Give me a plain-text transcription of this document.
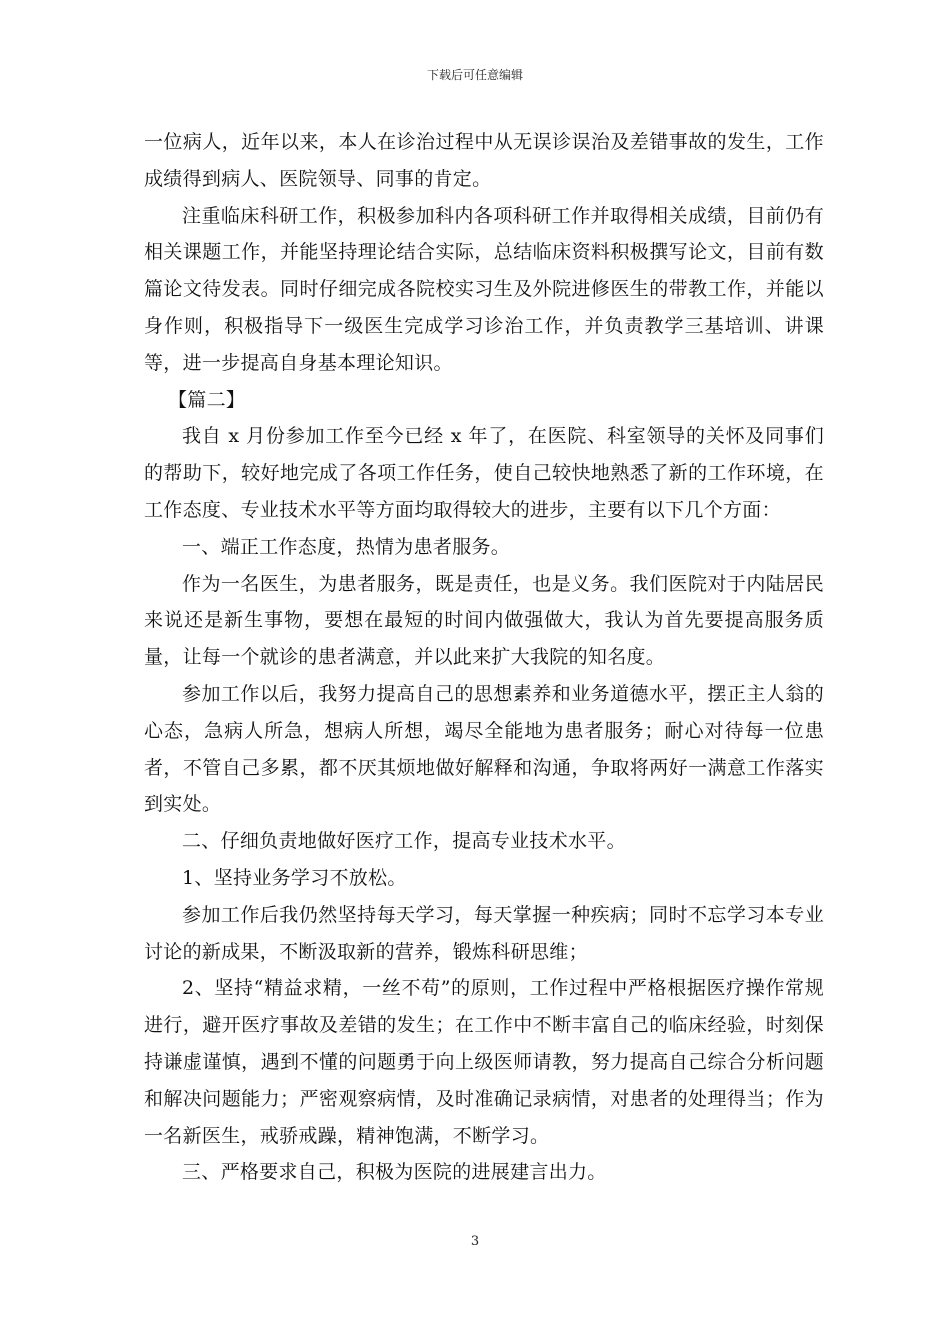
下载后可任意编辑

一位病人，近年以来，本人在诊治过程中从无误诊误治及差错事故的发生，工作成绩得到病人、医院领导、同事的肯定。

注重临床科研工作，积极参加科内各项科研工作并取得相关成绩，目前仍有相关课题工作，并能坚持理论结合实际，总结临床资料积极撰写论文，目前有数篇论文待发表。同时仔细完成各院校实习生及外院进修医生的带教工作，并能以身作则，积极指导下一级医生完成学习诊治工作，并负责教学三基培训、讲课等，进一步提高自身基本理论知识。

【篇二】

我自 x 月份参加工作至今已经 x 年了，在医院、科室领导的关怀及同事们的帮助下，较好地完成了各项工作任务，使自己较快地熟悉了新的工作环境，在工作态度、专业技术水平等方面均取得较大的进步，主要有以下几个方面：

一、端正工作态度，热情为患者服务。

作为一名医生，为患者服务，既是责任，也是义务。我们医院对于内陆居民来说还是新生事物，要想在最短的时间内做强做大，我认为首先要提高服务质量，让每一个就诊的患者满意，并以此来扩大我院的知名度。

参加工作以后，我努力提高自己的思想素养和业务道德水平，摆正主人翁的心态，急病人所急，想病人所想，竭尽全能地为患者服务；耐心对待每一位患者，不管自己多累，都不厌其烦地做好解释和沟通，争取将两好一满意工作落实到实处。

二、仔细负责地做好医疗工作，提高专业技术水平。

1、坚持业务学习不放松。

参加工作后我仍然坚持每天学习，每天掌握一种疾病；同时不忘学习本专业讨论的新成果，不断汲取新的营养，锻炼科研思维；

2、坚持“精益求精，一丝不苟”的原则，工作过程中严格根据医疗操作常规进行，避开医疗事故及差错的发生；在工作中不断丰富自己的临床经验，时刻保持谦虚谨慎，遇到不懂的问题勇于向上级医师请教，努力提高自己综合分析问题和解决问题能力；严密观察病情，及时准确记录病情，对患者的处理得当；作为一名新医生，戒骄戒躁，精神饱满，不断学习。

三、严格要求自己，积极为医院的进展建言出力。

3
